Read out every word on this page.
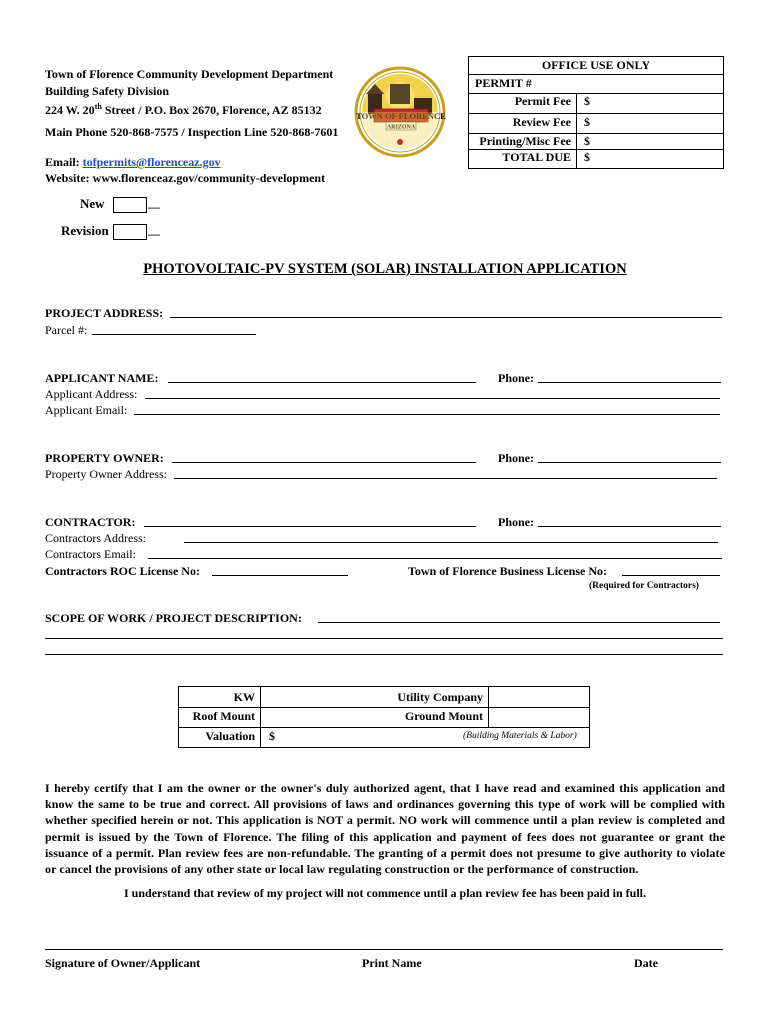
Town of Florence Community Development Department
Building Safety Division
224 W. 20th Street / P.O. Box 2670, Florence, AZ 85132
Main Phone 520-868-7575 / Inspection Line 520-868-7601
Email: tofpermits@florenceaz.gov
Website: www.florenceaz.gov/community-development
TOWN OF FLORENCE
ARIZONA
OFFICE USE ONLY
PERMIT #
Permit Fee $
Review Fee $
Printing/Misc Fee $
TOTAL DUE $
New	_ _
Revision	_ _
PHOTOVOLTAIC-PV SYSTEM (SOLAR) INSTALLATION APPLICATION
PROJECT ADDRESS:
Parcel #:
APPLICANT NAME:	Phone:
Applicant Address:
Applicant Email:
PROPERTY OWNER:	Phone:
Property Owner Address:
CONTRACTOR:	Phone:
Contractors Address:
Contractors Email:
Contractors ROC License No:	Town of Florence Business License No:
(Required for Contractors)
SCOPE OF WORK / PROJECT DESCRIPTION:
KW	Utility Company
Roof Mount	Ground Mount
Valuation $	(Building Materials & Labor)
I hereby certify that I am the owner or the owner's duly authorized agent, that I have read and examined this application and know the same to be true and correct. All provisions of laws and ordinances governing this type of work will be complied with whether specified herein or not. This application is NOT a permit. NO work will commence until a plan review is completed and permit is issued by the Town of Florence. The filing of this application and payment of fees does not guarantee or grant the issuance of a permit. Plan review fees are non-refundable. The granting of a permit does not presume to give authority to violate or cancel the provisions of any other state or local law regulating construction or the performance of construction.
I understand that review of my project will not commence until a plan review fee has been paid in full.
Signature of Owner/Applicant	Print Name	Date
